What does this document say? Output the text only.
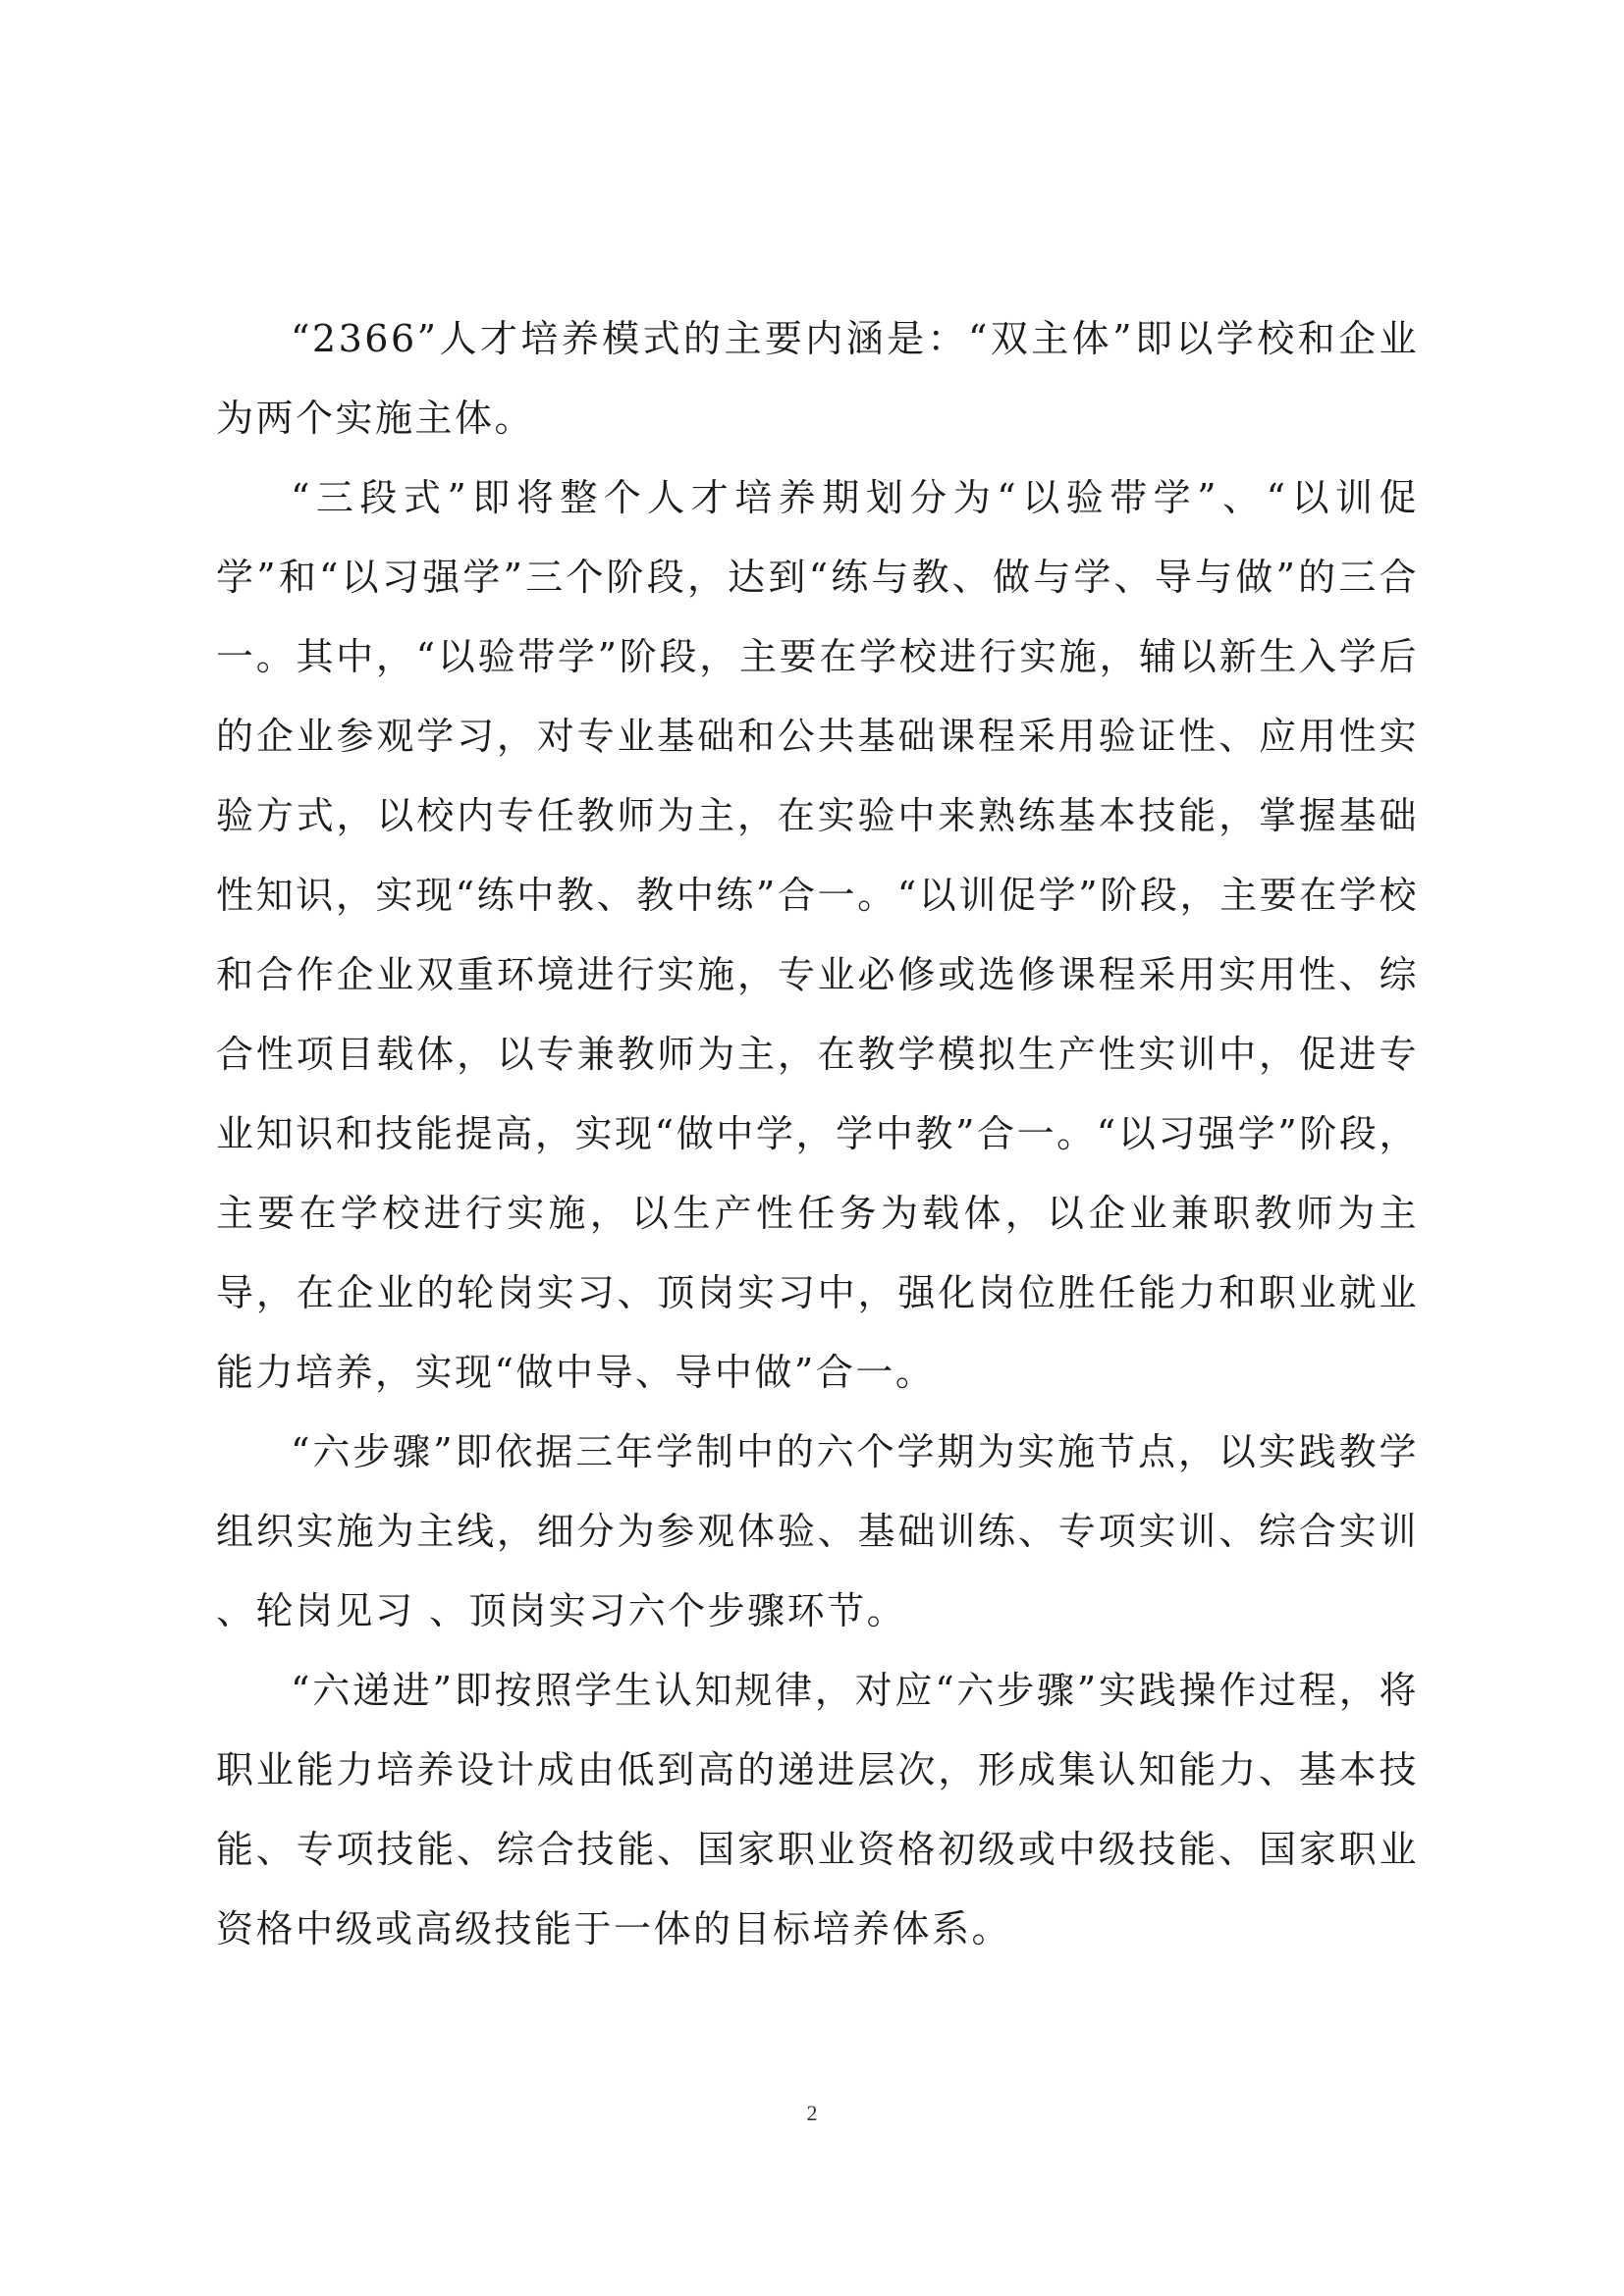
“2366”人才培养模式的主要内涵是：“双主体”即以学校和企业为两个实施主体。

“三段式”即将整个人才培养期划分为“以验带学”、“以训促学”和“以习强学”三个阶段，达到“练与教、做与学、导与做”的三合一。其中，“以验带学”阶段，主要在学校进行实施，辅以新生入学后的企业参观学习，对专业基础和公共基础课程采用验证性、应用性实验方式，以校内专任教师为主，在实验中来熟练基本技能，掌握基础性知识，实现“练中教、教中练”合一。“以训促学”阶段，主要在学校和合作企业双重环境进行实施，专业必修或选修课程采用实用性、综合性项目载体，以专兼教师为主，在教学模拟生产性实训中，促进专业知识和技能提高，实现“做中学，学中教”合一。“以习强学”阶段，主要在学校进行实施，以生产性任务为载体，以企业兼职教师为主导，在企业的轮岗实习、顶岗实习中，强化岗位胜任能力和职业就业能力培养，实现“做中导、导中做”合一。

“六步骤”即依据三年学制中的六个学期为实施节点，以实践教学组织实施为主线，细分为参观体验、基础训练、专项实训、综合实训 、轮岗见习 、顶岗实习六个步骤环节。

“六递进”即按照学生认知规律，对应“六步骤”实践操作过程，将职业能力培养设计成由低到高的递进层次，形成集认知能力、基本技能、专项技能、综合技能、国家职业资格初级或中级技能、国家职业资格中级或高级技能于一体的目标培养体系。

2
